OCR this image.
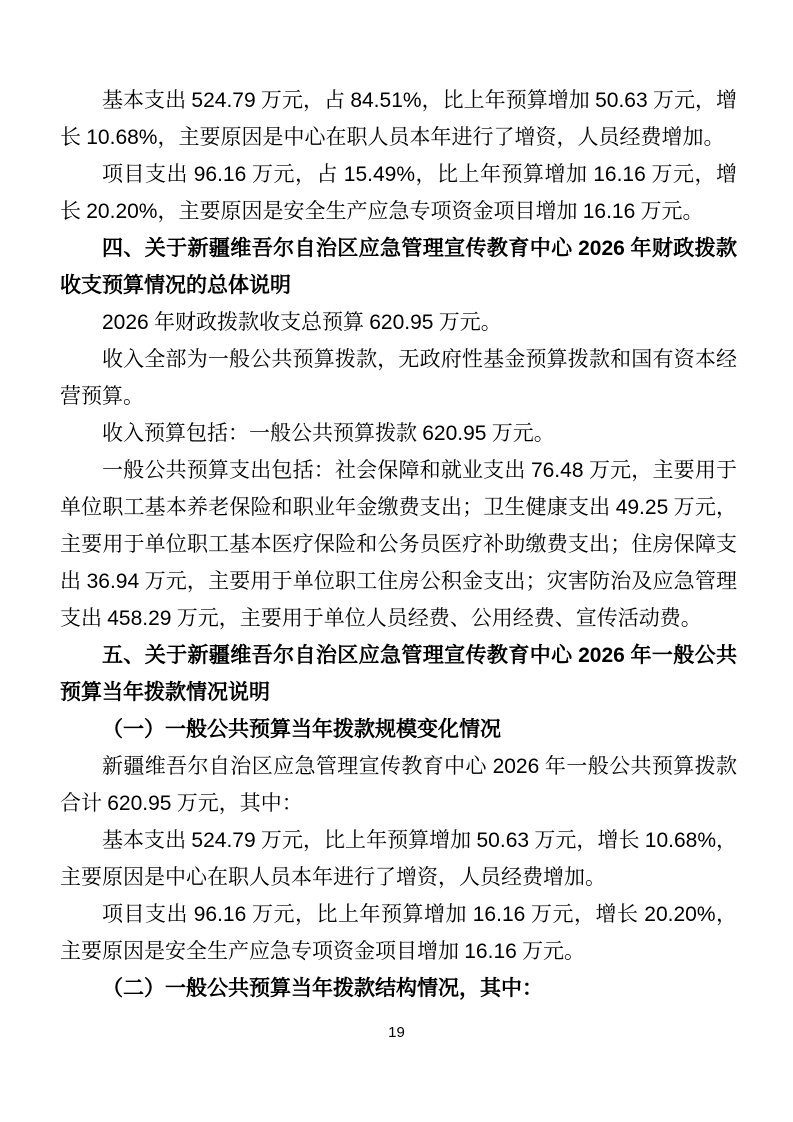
基本支出 524.79 万元，占 84.51%，比上年预算增加 50.63 万元，增长 10.68%，主要原因是中心在职人员本年进行了增资，人员经费增加。

项目支出 96.16 万元，占 15.49%，比上年预算增加 16.16 万元，增长 20.20%，主要原因是安全生产应急专项资金项目增加 16.16 万元。

四、关于新疆维吾尔自治区应急管理宣传教育中心 2026 年财政拨款收支预算情况的总体说明

2026 年财政拨款收支总预算 620.95 万元。

收入全部为一般公共预算拨款，无政府性基金预算拨款和国有资本经营预算。

收入预算包括：一般公共预算拨款 620.95 万元。

一般公共预算支出包括：社会保障和就业支出 76.48 万元，主要用于单位职工基本养老保险和职业年金缴费支出；卫生健康支出 49.25 万元，主要用于单位职工基本医疗保险和公务员医疗补助缴费支出；住房保障支出 36.94 万元，主要用于单位职工住房公积金支出；灾害防治及应急管理支出 458.29 万元，主要用于单位人员经费、公用经费、宣传活动费。

五、关于新疆维吾尔自治区应急管理宣传教育中心 2026 年一般公共预算当年拨款情况说明

（一）一般公共预算当年拨款规模变化情况

新疆维吾尔自治区应急管理宣传教育中心 2026 年一般公共预算拨款合计 620.95 万元，其中：

基本支出 524.79 万元，比上年预算增加 50.63 万元，增长 10.68%，主要原因是中心在职人员本年进行了增资，人员经费增加。

项目支出 96.16 万元，比上年预算增加 16.16 万元，增长 20.20%，主要原因是安全生产应急专项资金项目增加 16.16 万元。

（二）一般公共预算当年拨款结构情况，其中：

19
